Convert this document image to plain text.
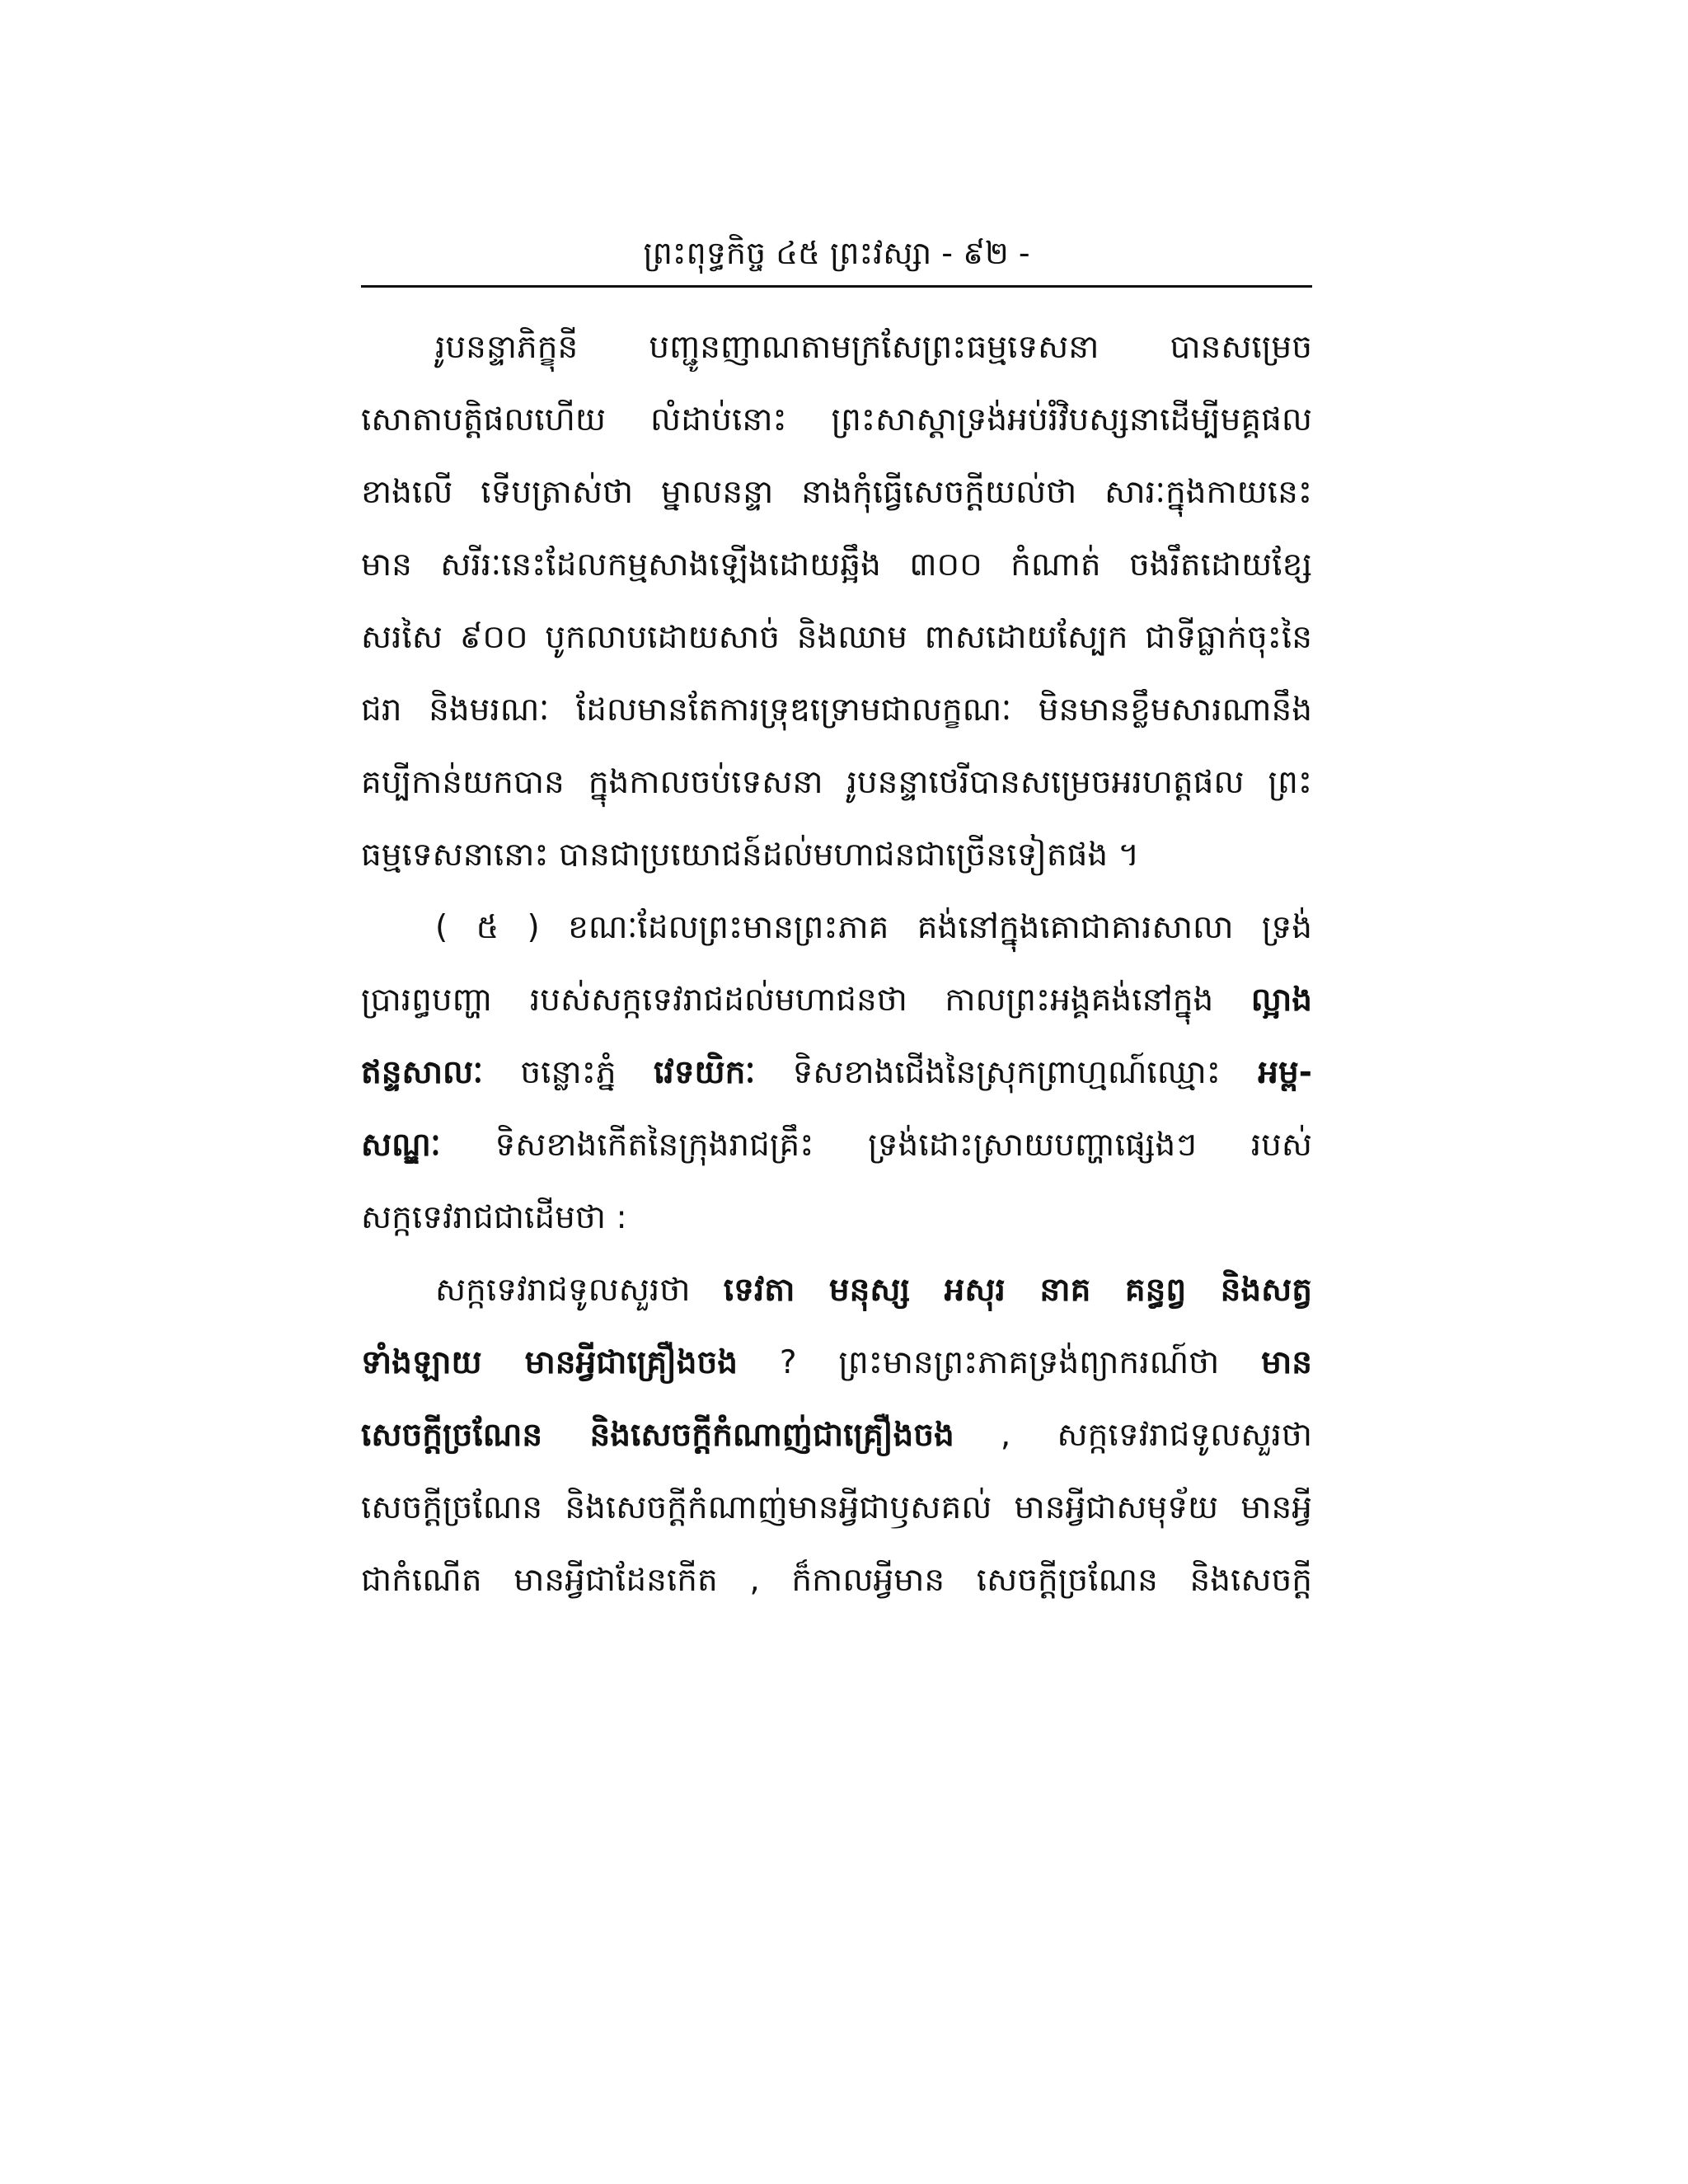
ព្រះពុទ្ធកិច្ច ៤៥ ព្រះវស្សា - ៩២ -
រូបនន្ទាភិក្ខុនី បញ្ជូនញាណតាមក្រសែព្រះធម្មទេសនា បានសម្រេច
សោតាបត្តិផលហើយ លំដាប់នោះ ព្រះសាស្តាទ្រង់អប់រំវិបស្សនាដើម្បីមគ្គផល
ខាងលើ ទើបត្រាស់ថា ម្នាលនន្ទា នាងកុំធ្វើសេចក្តីយល់ថា សារៈក្នុងកាយនេះ
មាន សរីរៈនេះដែលកម្មសាងឡើងដោយឆ្អឹង ៣០០ កំណាត់ ចងរឹតដោយខ្សែ
សរសៃ ៩០០ បូកលាបដោយសាច់ និងឈាម ពាសដោយស្បែក ជាទីធ្លាក់ចុះនៃ
ជរា និងមរណៈ ដែលមានតែការទ្រុឌទ្រោមជាលក្ខណៈ មិនមានខ្លឹមសារណានឹង
គប្បីកាន់យកបាន ក្នុងកាលចប់ទេសនា រូបនន្ទាថេរីបានសម្រេចអរហត្តផល ព្រះ
ធម្មទេសនានោះ បានជាប្រយោជន៍ដល់មហាជនជាច្រើនទៀតផង ។
( ៥ ) ខណៈដែលព្រះមានព្រះភាគ គង់នៅក្នុងគោជាគារសាលា ទ្រង់
ប្រារព្ធបញ្ហា របស់សក្កទេវរាជដល់មហាជនថា កាលព្រះអង្គគង់នៅក្នុង ល្អាង
ឥន្ទសាលៈ ចន្លោះភ្នំ វេទយិកៈ ទិសខាងជើងនៃស្រុកព្រាហ្មណ៍ឈ្មោះ អម្ព-
សណ្ឌៈ ទិសខាងកើតនៃក្រុងរាជគ្រឹះ ទ្រង់ដោះស្រាយបញ្ហាផ្សេងៗ របស់
សក្កទេវរាជជាដើមថា :
សក្កទេវរាជទូលសួរថា ទេវតា មនុស្ស អសុរ នាគ គន្ធព្វ និងសត្វ
ទាំងឡាយ មានអ្វីជាគ្រឿងចង ? ព្រះមានព្រះភាគទ្រង់ព្យាករណ៍ថា មាន
សេចក្តីច្រណែន និងសេចក្តីកំណាញ់ជាគ្រឿងចង , សក្កទេវរាជទូលសួរថា
សេចក្តីច្រណែន និងសេចក្តីកំណាញ់មានអ្វីជាឫសគល់ មានអ្វីជាសមុទ័យ មានអ្វី
ជាកំណើត មានអ្វីជាដែនកើត , ក៏កាលអ្វីមាន សេចក្តីច្រណែន និងសេចក្តី
